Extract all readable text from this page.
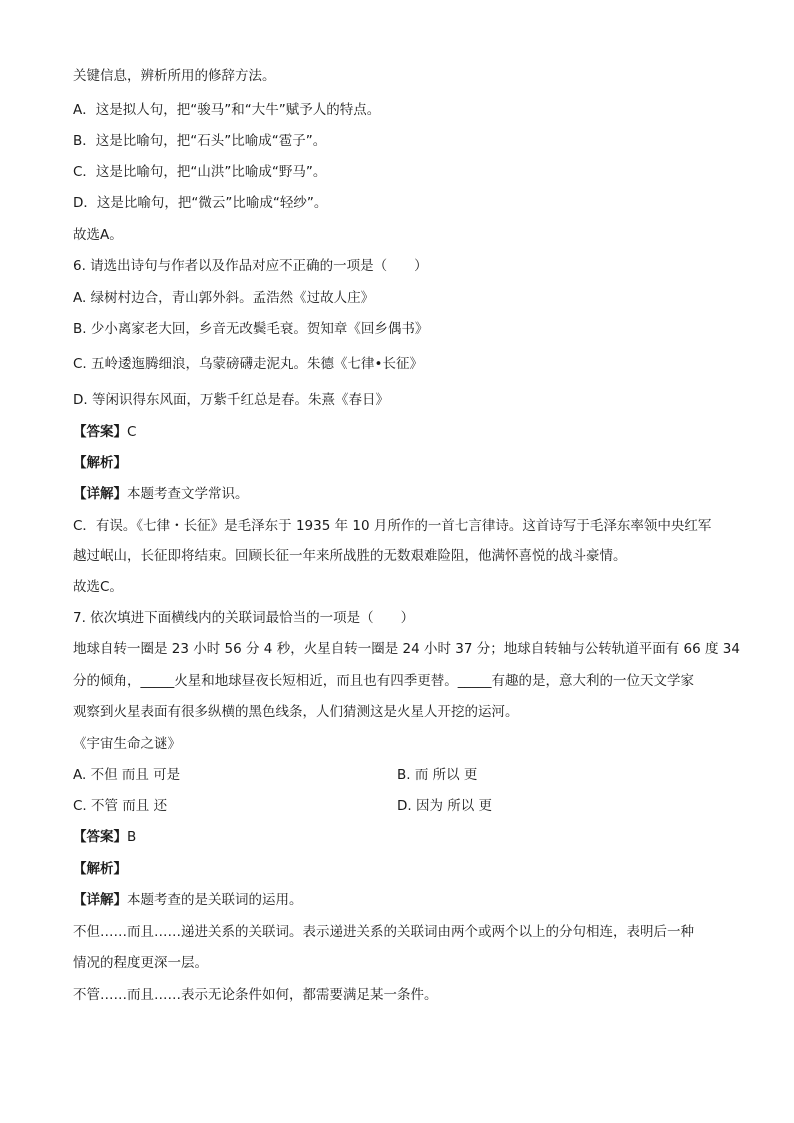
关键信息，辨析所用的修辞方法。
A．这是拟人句，把“骏马”和“大牛”赋予人的特点。
B．这是比喻句，把“石头”比喻成“雹子”。
C．这是比喻句，把“山洪”比喻成“野马”。
D．这是比喻句，把“微云”比喻成“轻纱”。
故选A。
6. 请选出诗句与作者以及作品对应不正确的一项是（　　）
A. 绿树村边合，青山郭外斜。孟浩然《过故人庄》
B. 少小离家老大回，乡音无改鬓毛衰。贺知章《回乡偶书》
C. 五岭逶迤腾细浪，乌蒙磅礴走泥丸。朱德《七律•长征》
D. 等闲识得东风面，万紫千红总是春。朱熹《春日》
【答案】C
【解析】
【详解】本题考查文学常识。
C．有误。《七律・长征》是毛泽东于 1935 年 10 月所作的一首七言律诗。这首诗写于毛泽东率领中央红军
越过岷山，长征即将结束。回顾长征一年来所战胜的无数艰难险阻，他满怀喜悦的战斗豪情。
故选C。
7. 依次填进下面横线内的关联词最恰当的一项是（　　）
地球自转一圈是 23 小时 56 分 4 秒，火星自转一圈是 24 小时 37 分；地球自转轴与公转轨道平面有 66 度 34
分的倾角，_____火星和地球昼夜长短相近，而且也有四季更替。_____有趣的是，意大利的一位天文学家
观察到火星表面有很多纵横的黑色线条，人们猜测这是火星人开挖的运河。
《宇宙生命之谜》
A. 不但 而且 可是	B. 而 所以 更
C. 不管 而且 还	D. 因为 所以 更
【答案】B
【解析】
【详解】本题考查的是关联词的运用。
不但……而且……递进关系的关联词。表示递进关系的关联词由两个或两个以上的分句相连，表明后一种
情况的程度更深一层。
不管……而且……表示无论条件如何，都需要满足某一条件。
